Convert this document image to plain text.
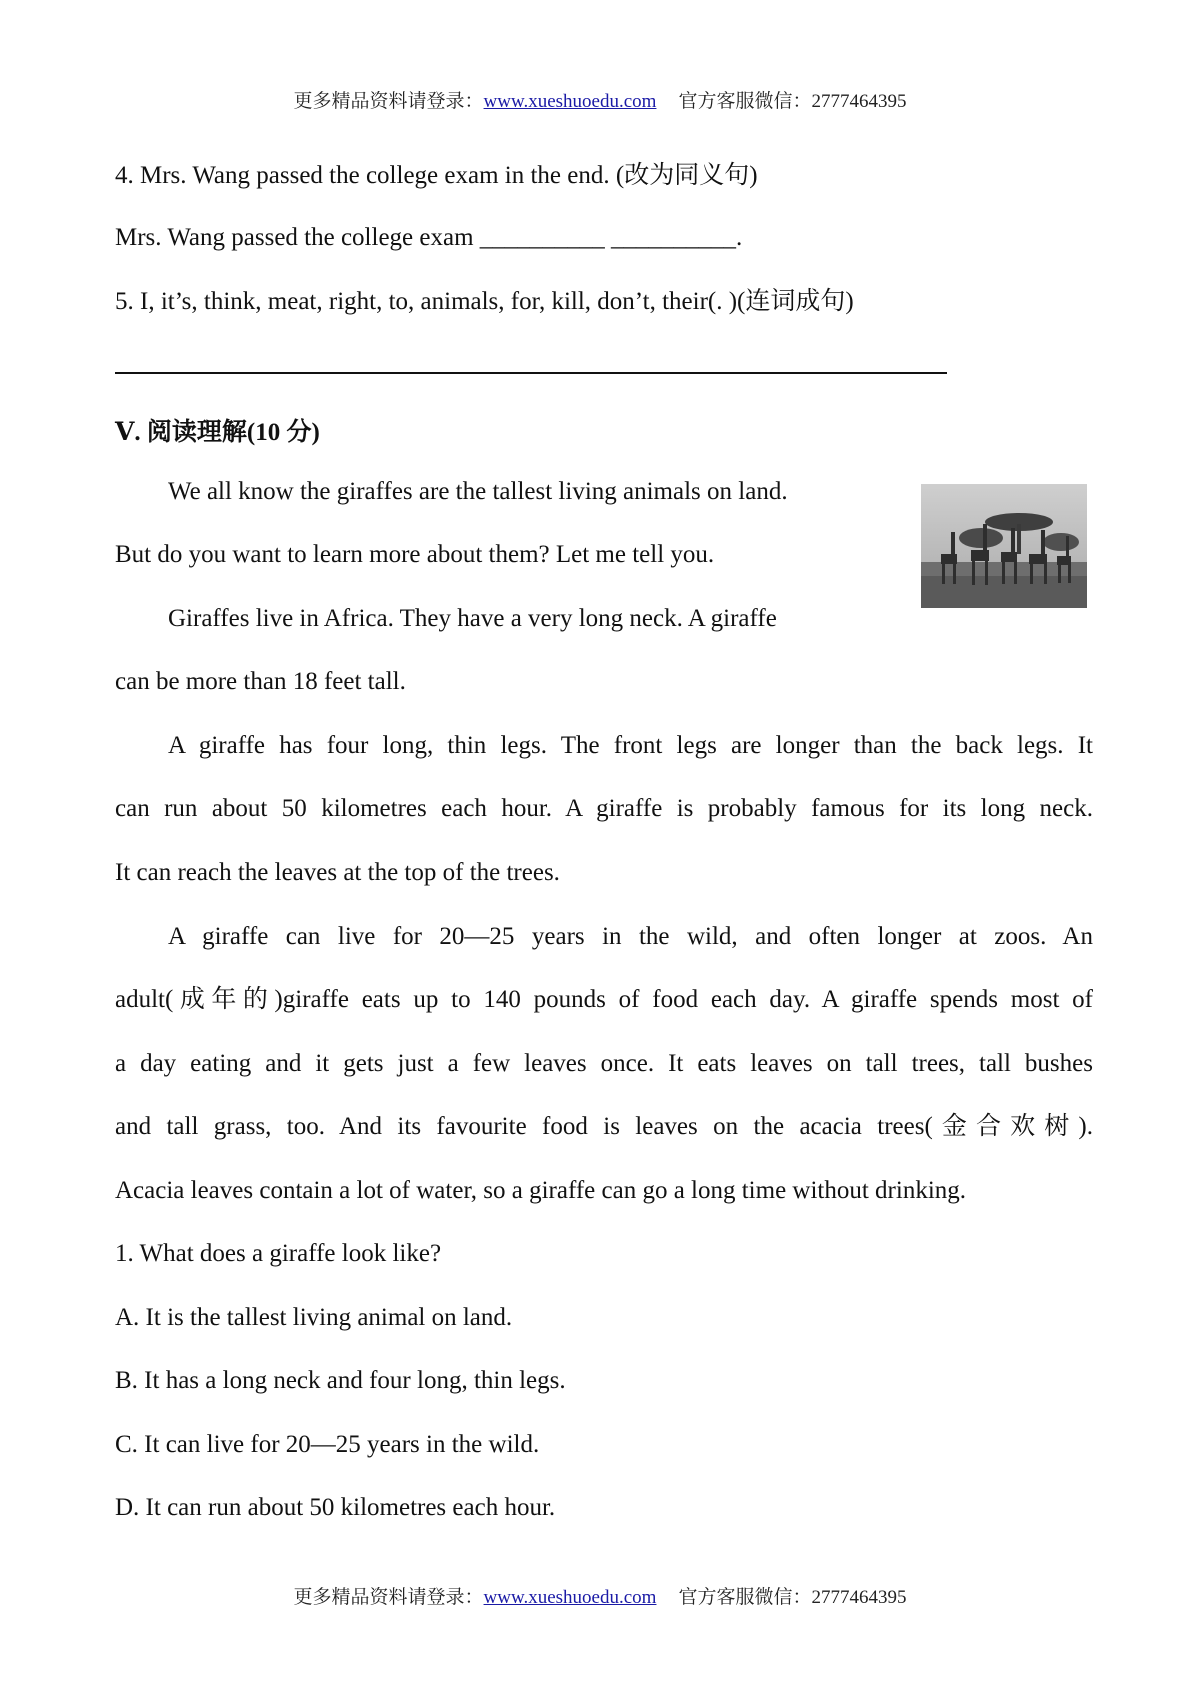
更多精品资料请登录：www.xueshuoedu.com 官方客服微信：2777464395
4. Mrs. Wang passed the college exam in the end. (改为同义句)
Mrs. Wang passed the college exam __________ __________.
5. I, it’s, think, meat, right, to, animals, for, kill, don’t, their(. )(连词成句)
Ⅴ. 阅读理解(10 分)
We all know the giraffes are the tallest living animals on land.
But do you want to learn more about them? Let me tell you.
Giraffes live in Africa. They have a very long neck. A giraffe
can be more than 18 feet tall.
A giraffe has four long, thin legs. The front legs are longer than the back legs. It
can run about 50 kilometres each hour. A giraffe is probably famous for its long neck.
It can reach the leaves at the top of the trees.
A giraffe can live for 20—25 years in the wild, and often longer at zoos. An
adult(成年的)giraffe eats up to 140 pounds of food each day. A giraffe spends most of
a day eating and it gets just a few leaves once. It eats leaves on tall trees, tall bushes
and tall grass, too. And its favourite food is leaves on the acacia trees(金合欢树).
Acacia leaves contain a lot of water, so a giraffe can go a long time without drinking.
1. What does a giraffe look like?
A. It is the tallest living animal on land.
B. It has a long neck and four long, thin legs.
C. It can live for 20—25 years in the wild.
D. It can run about 50 kilometres each hour.
更多精品资料请登录：www.xueshuoedu.com 官方客服微信：2777464395
